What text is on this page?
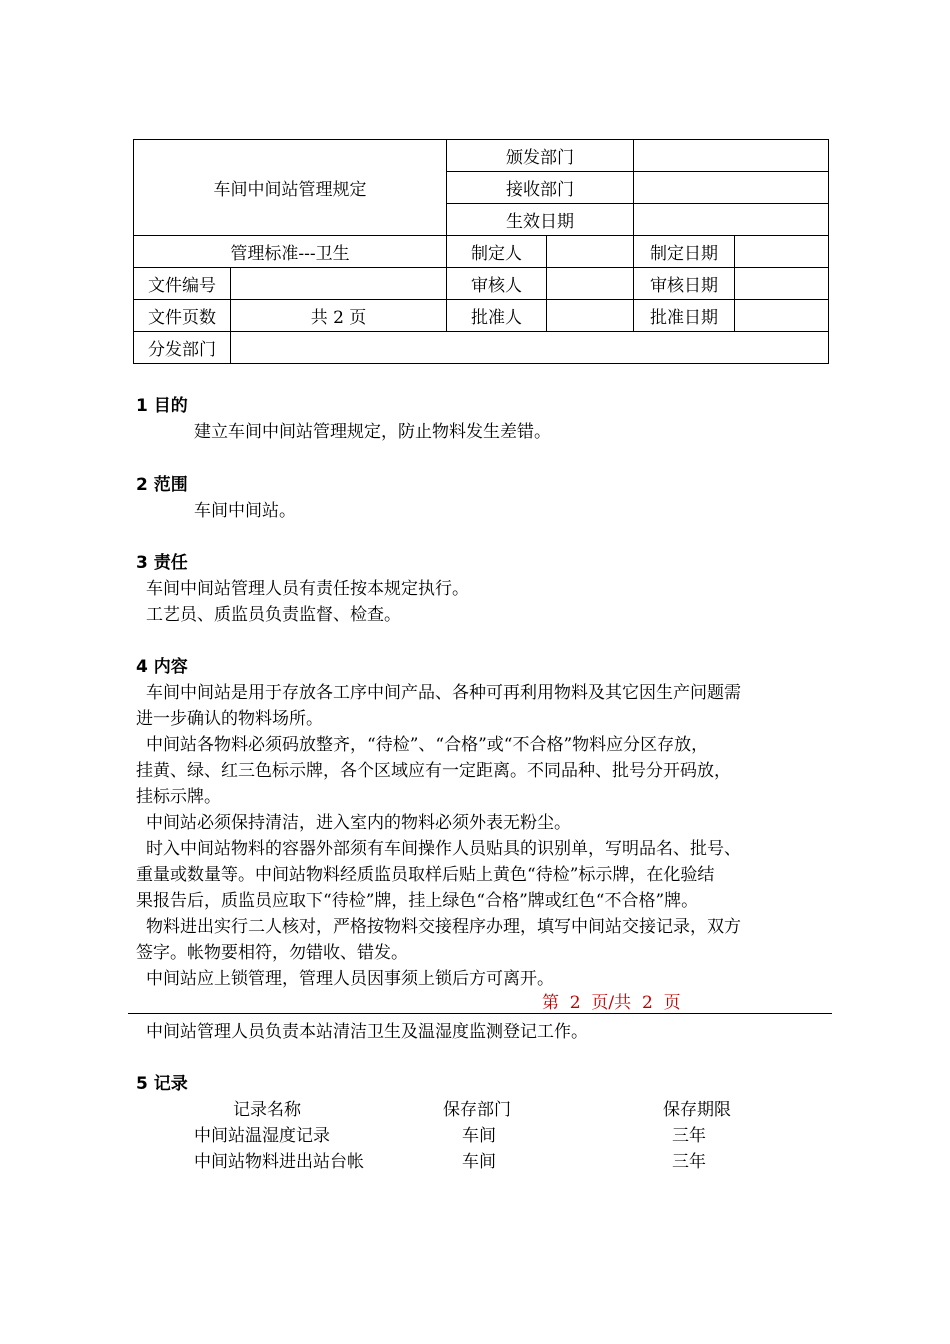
车间中间站管理规定		颁发部门			
		接收部门			
		生效日期			
管理标准---卫生		制定人		制定日期	
文件编号		审核人		审核日期	
文件页数	共 2 页	批准人		批准日期	
分发部门					
1 目的
建立车间中间站管理规定，防止物料发生差错。
2 范围
车间中间站。
3 责任
车间中间站管理人员有责任按本规定执行。
工艺员、质监员负责监督、检查。
4 内容
车间中间站是用于存放各工序中间产品、各种可再利用物料及其它因生产问题需
进一步确认的物料场所。
中间站各物料必须码放整齐，“待检”、“合格”或“不合格”物料应分区存放，
挂黄、绿、红三色标示牌，各个区域应有一定距离。不同品种、批号分开码放，
挂标示牌。
中间站必须保持清洁，进入室内的物料必须外表无粉尘。
时入中间站物料的容器外部须有车间操作人员贴具的识别单，写明品名、批号、
重量或数量等。中间站物料经质监员取样后贴上黄色“待检”标示牌，在化验结
果报告后，质监员应取下“待检”牌，挂上绿色“合格”牌或红色“不合格”牌。
物料进出实行二人核对，严格按物料交接程序办理，填写中间站交接记录，双方
签字。帐物要相符，勿错收、错发。
中间站应上锁管理，管理人员因事须上锁后方可离开。
第  2  页/共  2  页
中间站管理人员负责本站清洁卫生及温湿度监测登记工作。
5 记录
记录名称	保存部门	保存期限
中间站温湿度记录	车间	三年
中间站物料进出站台帐	车间	三年
